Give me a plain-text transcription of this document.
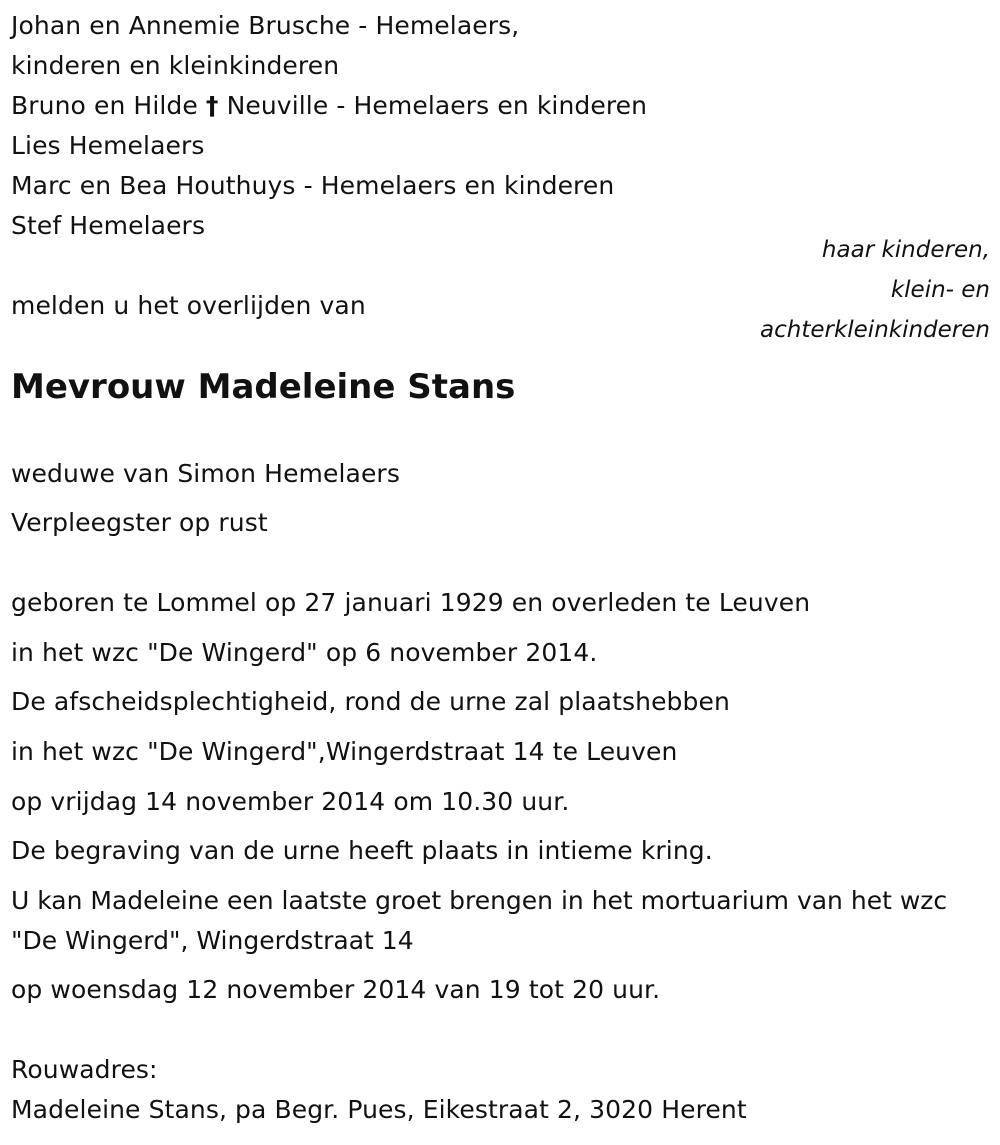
Johan en Annemie Brusche - Hemelaers,
kinderen en kleinkinderen
Bruno en Hilde † Neuville - Hemelaers en kinderen
Lies Hemelaers
Marc en Bea Houthuys - Hemelaers en kinderen
Stef Hemelaers
haar kinderen,
klein- en
achterkleinkinderen
melden u het overlijden van
Mevrouw Madeleine Stans
weduwe van Simon Hemelaers
Verpleegster op rust
geboren te Lommel op 27 januari 1929 en overleden te Leuven
in het wzc "De Wingerd" op 6 november 2014.
De afscheidsplechtigheid, rond de urne zal plaatshebben
in het wzc "De Wingerd",Wingerdstraat 14 te Leuven
op vrijdag 14 november 2014 om 10.30 uur.
De begraving van de urne heeft plaats in intieme kring.
U kan Madeleine een laatste groet brengen in het mortuarium van het wzc "De Wingerd", Wingerdstraat 14
op woensdag 12 november 2014 van 19 tot 20 uur.
Rouwadres:
Madeleine Stans, pa Begr. Pues, Eikestraat 2, 3020 Herent
